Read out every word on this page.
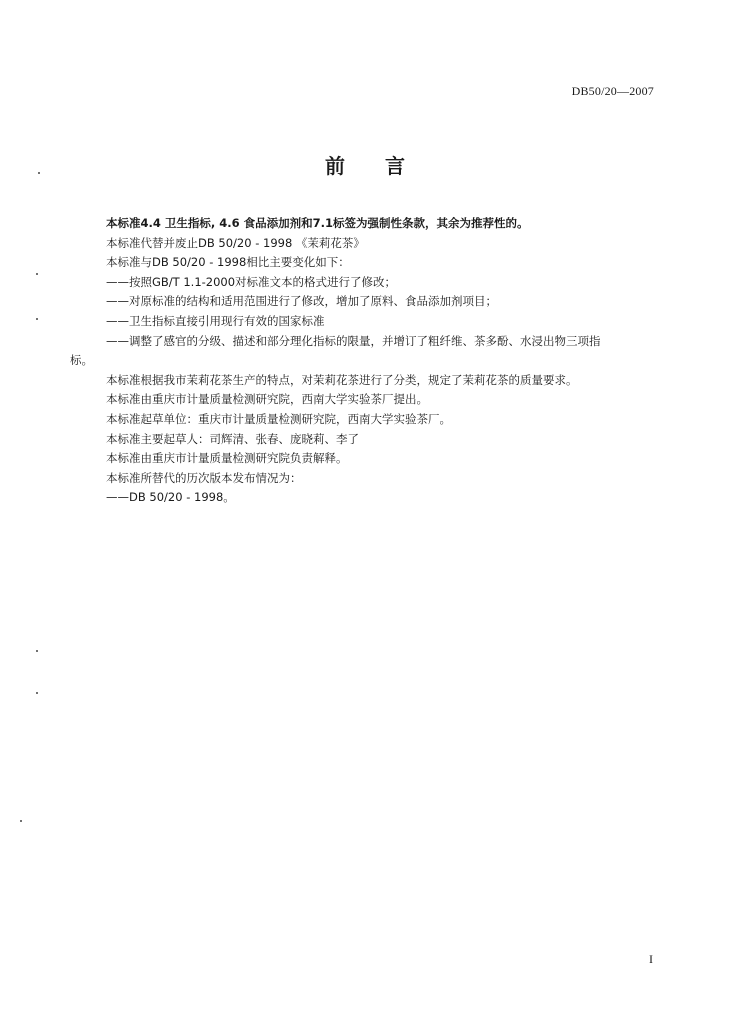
DB50/20—2007
前 言

本标准4.4 卫生指标, 4.6 食品添加剂和7.1标签为强制性条款，其余为推荐性的。

本标准代替并废止DB 50/20 - 1998 《茉莉花茶》

本标准与DB 50/20 - 1998相比主要变化如下：

——按照GB/T 1.1-2000对标准文本的格式进行了修改；

——对原标准的结构和适用范围进行了修改，增加了原料、食品添加剂项目；

——卫生指标直接引用现行有效的国家标准

——调整了感官的分级、描述和部分理化指标的限量，并增订了粗纤维、茶多酚、水浸出物三项指

标。

本标准根据我市茉莉花茶生产的特点，对茉莉花茶进行了分类，规定了茉莉花茶的质量要求。

本标准由重庆市计量质量检测研究院，西南大学实验茶厂提出。

本标准起草单位：重庆市计量质量检测研究院，西南大学实验茶厂。

本标准主要起草人：司辉清、张春、庞晓莉、李了

本标准由重庆市计量质量检测研究院负责解释。

本标准所替代的历次版本发布情况为：

——DB 50/20 - 1998。

I
